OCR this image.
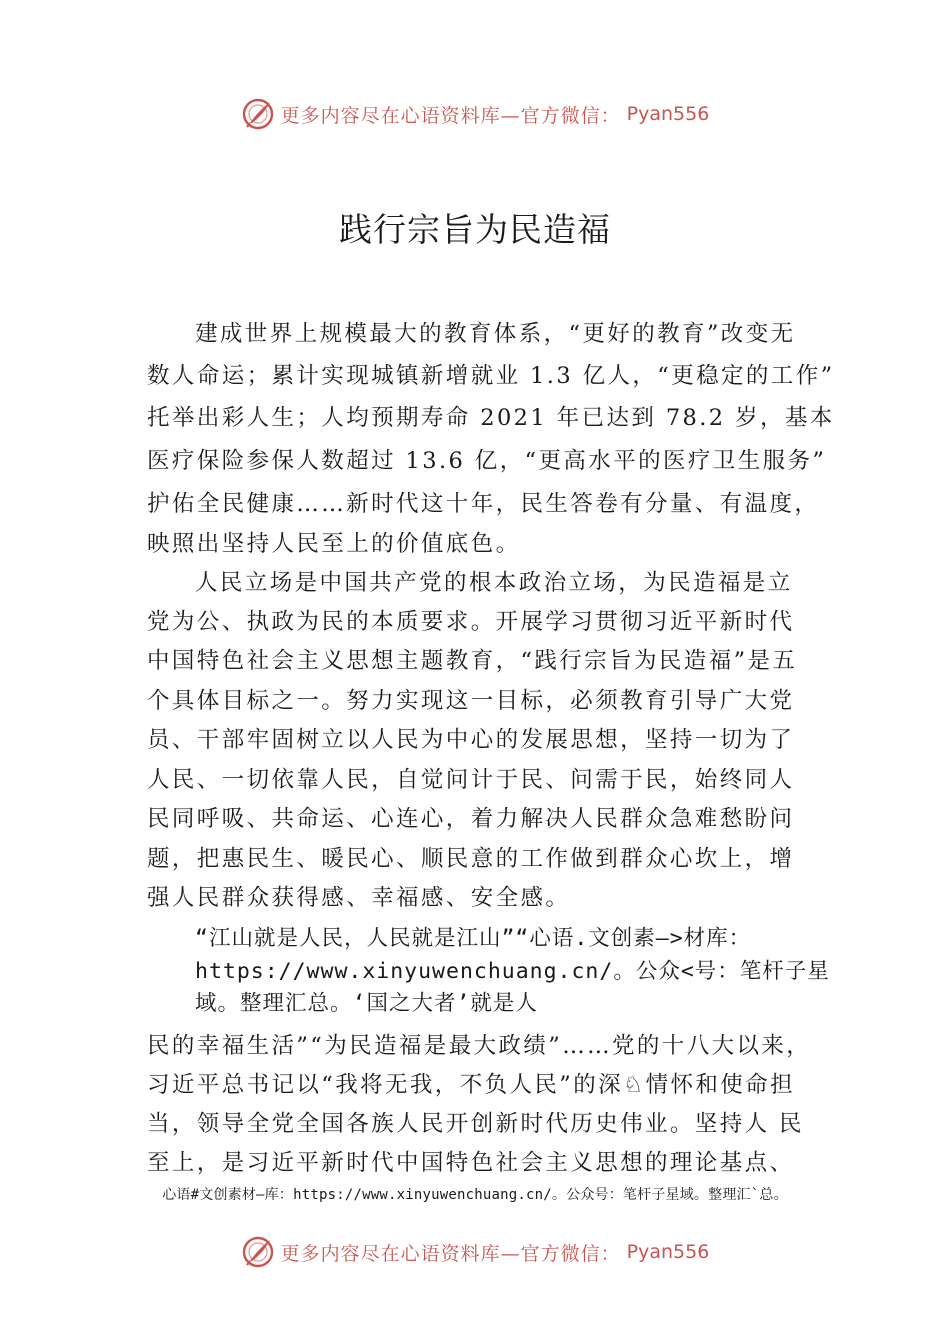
更多内容尽在心语资料库—官方微信： Pyan556
践行宗旨为民造福
建成世界上规模最大的教育体系，“更好的教育”改变无
数人命运；累计实现城镇新增就业 1.3 亿人，“更稳定的工作”
托举出彩人生；人均预期寿命 2021 年已达到 78.2 岁，基本
医疗保险参保人数超过 13.6 亿，“更高水平的医疗卫生服务”
护佑全民健康……新时代这十年，民生答卷有分量、有温度，
映照出坚持人民至上的价值底色。
人民立场是中国共产党的根本政治立场，为民造福是立
党为公、执政为民的本质要求。开展学习贯彻习近平新时代
中国特色社会主义思想主题教育，“践行宗旨为民造福”是五
个具体目标之一。努力实现这一目标，必须教育引导广大党
员、干部牢固树立以人民为中心的发展思想，坚持一切为了
人民、一切依靠人民，自觉问计于民、问需于民，始终同人
民同呼吸、共命运、心连心，着力解决人民群众急难愁盼问
题，把惠民生、暖民心、顺民意的工作做到群众心坎上，增
强人民群众获得感、幸福感、安全感。
“江山就是人民，人民就是江山”“心语.文创素—>材库：
https://www.xinyuwenchuang.cn/。公众<号：笔杆子星
域。整理汇总。‘国之大者’就是人
民的幸福生活”“为民造福是最大政绩”……党的十八大以来，
习近平总书记以“我将无我，不负人民”的深♘情怀和使命担
当，领导全党全国各族人民开创新时代历史伟业。坚持人 民
至上，是习近平新时代中国特色社会主义思想的理论基点、
心语#文创素材—库：https://www.xinyuwenchuang.cn/。公众号：笔杆子星域。整理汇`总。
更多内容尽在心语资料库—官方微信： Pyan556
